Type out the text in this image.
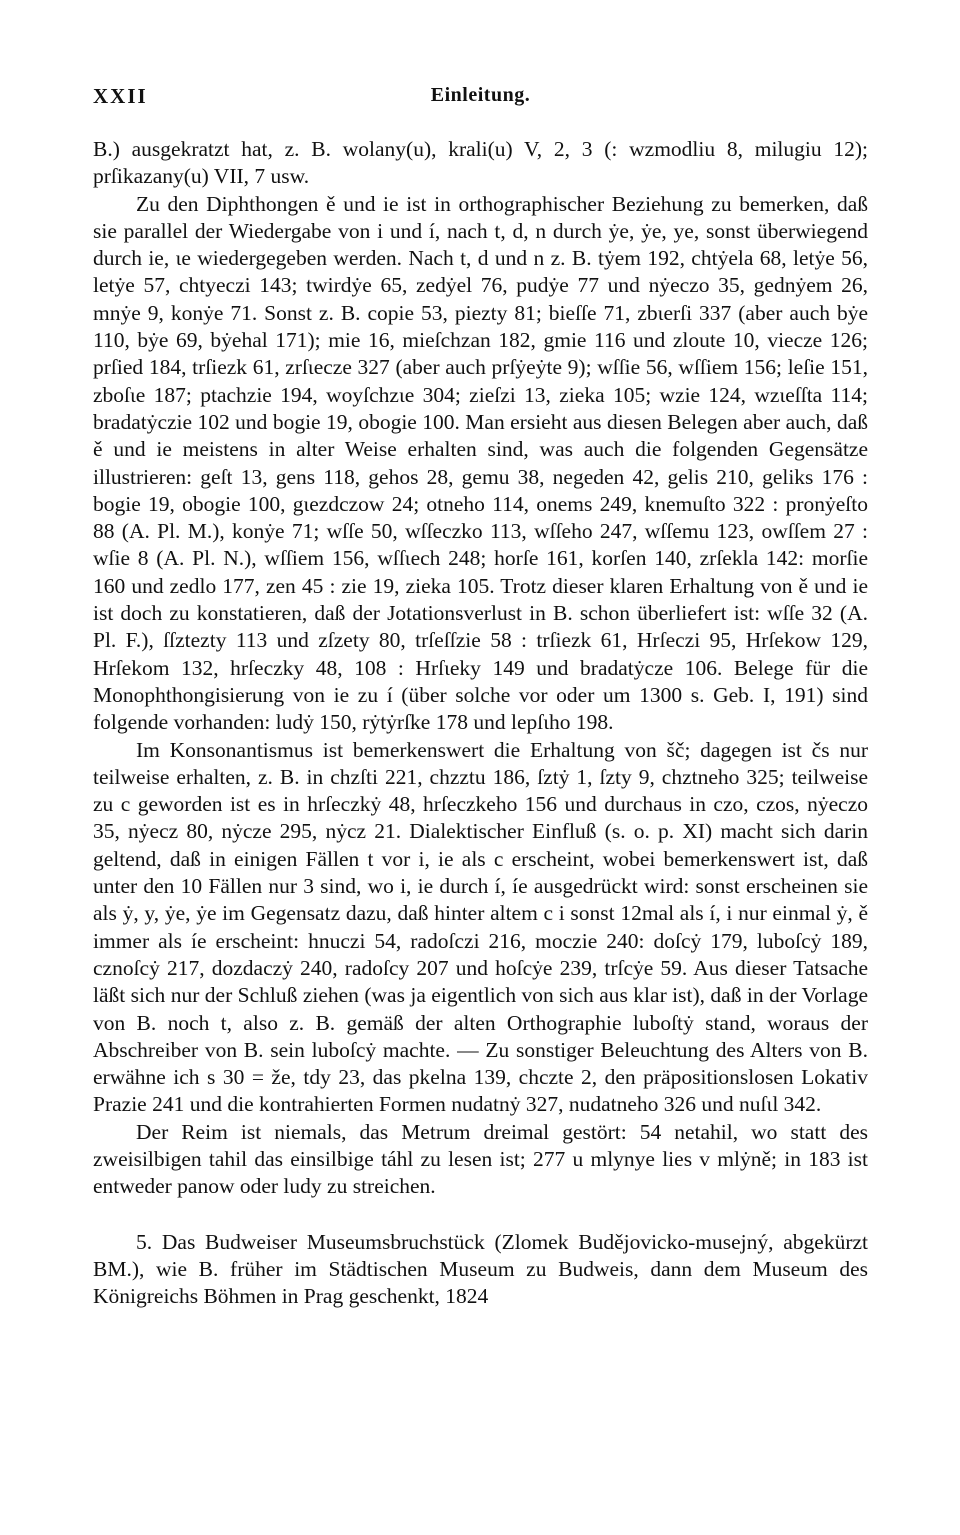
XXII	Einleitung.

B.) ausgekratzt hat, z. B. wolany(u), krali(u) V, 2, 3 (: wzmodliu 8, milugiu 12); prſikazany(u) VII, 7 usw.

Zu den Diphthongen ě und ie ist in orthographischer Beziehung zu bemerken, daß sie parallel der Wiedergabe von i und í, nach t, d, n durch ẏe, ẏe, ye, sonst überwiegend durch ie, ιe wiedergegeben werden. Nach t, d und n z. B. tẏem 192, chtẏela 68, letẏe 56, letẏe 57, chtyeczi 143; twirdẏe 65, zedẏel 76, pudẏe 77 und nẏeczo 35, gednẏem 26, mnẏe 9, konẏe 71. Sonst z. B. copie 53, piezty 81; bieſſe 71, zbιerſi 337 (aber auch bẏe 110, bẏe 69, bẏehal 171); mie 16, mieſchzan 182, gmie 116 und zloute 10, viecze 126; prſied 184, trſiezk 61, zrſιecze 327 (aber auch prſẏeẏte 9); wſſie 56, wſſiem 156; leſie 151, zboſιe 187; ptachzie 194, woyſchzιe 304; zieſzi 13, zieka 105; wzie 124, wzιeſſta 114; bradatẏczie 102 und bogie 19, obogie 100. Man ersieht aus diesen Belegen aber auch, daß ě und ie meistens in alter Weise erhalten sind, was auch die folgenden Gegensätze illustrieren: geſt 13, gens 118, gehos 28, gemu 38, negeden 42, gelis 210, geliks 176 : bogie 19, obogie 100, gιezdczow 24; otneho 114, onems 249, knemuſto 322 : pronẏeſto 88 (A. Pl. M.), konẏe 71; wſſe 50, wſſeczko 113, wſſeho 247, wſſemu 123, owſſem 27 : wſie 8 (A. Pl. N.), wſſiem 156, wſſιech 248; horſe 161, korſen 140, zrſekla 142: morſie 160 und zedlo 177, zen 45 : zie 19, zieka 105. Trotz dieser klaren Erhaltung von ě und ie ist doch zu konstatieren, daß der Jotationsverlust in B. schon überliefert ist: wſſe 32 (A. Pl. F.), ſſztezty 113 und zſzety 80, trſeſſzie 58 : trſiezk 61, Hrſeczi 95, Hrſekow 129, Hrſekom 132, hrſeczky 48, 108 : Hrſιeky 149 und bradatẏcze 106. Belege für die Monophthongisierung von ie zu í (über solche vor oder um 1300 s. Geb. I, 191) sind folgende vorhanden: ludẏ 150, rẏtẏrſke 178 und lepſιho 198.

Im Konsonantismus ist bemerkenswert die Erhaltung von šč; dagegen ist čs nur teilweise erhalten, z. B. in chzſti 221, chzztu 186, ſztẏ 1, ſzty 9, chztneho 325; teilweise zu c geworden ist es in hrſeczkẏ 48, hrſeczkeho 156 und durchaus in czo, czos, nẏeczo 35, nẏecz 80, nẏcze 295, nẏcz 21. Dialektischer Einfluß (s. o. p. XI) macht sich darin geltend, daß in einigen Fällen t vor i, ie als c erscheint, wobei bemerkenswert ist, daß unter den 10 Fällen nur 3 sind, wo i, ie durch í, íe ausgedrückt wird: sonst erscheinen sie als ẏ, y, ẏe, ẏe im Gegensatz dazu, daß hinter altem c i sonst 12mal als í, i nur einmal ẏ, ě immer als íe erscheint: hnuczi 54, radoſczi 216, moczie 240: doſcẏ 179, luboſcẏ 189, cznoſcẏ 217, dozdaczẏ 240, radoſcy 207 und hoſcẏe 239, trſcẏe 59. Aus dieser Tatsache läßt sich nur der Schluß ziehen (was ja eigentlich von sich aus klar ist), daß in der Vorlage von B. noch t, also z. B. gemäß der alten Orthographie luboſtẏ stand, woraus der Abschreiber von B. sein luboſcẏ machte. — Zu sonstiger Beleuchtung des Alters von B. erwähne ich s 30 = že, tdy 23, das pkelna 139, chczte 2, den präpositionslosen Lokativ Prazie 241 und die kontrahierten Formen nudatnẏ 327, nudatneho 326 und nuſιl 342.

Der Reim ist niemals, das Metrum dreimal gestört: 54 netahil, wo statt des zweisilbigen tahil das einsilbige táhl zu lesen ist; 277 u mlynye lies v mlẏně; in 183 ist entweder panow oder ludy zu streichen.

5. Das Budweiser Museumsbruchstück (Zlomek Budějovicko-musejný, abgekürzt BM.), wie B. früher im Städtischen Museum zu Budweis, dann dem Museum des Königreichs Böhmen in Prag geschenkt, 1824
